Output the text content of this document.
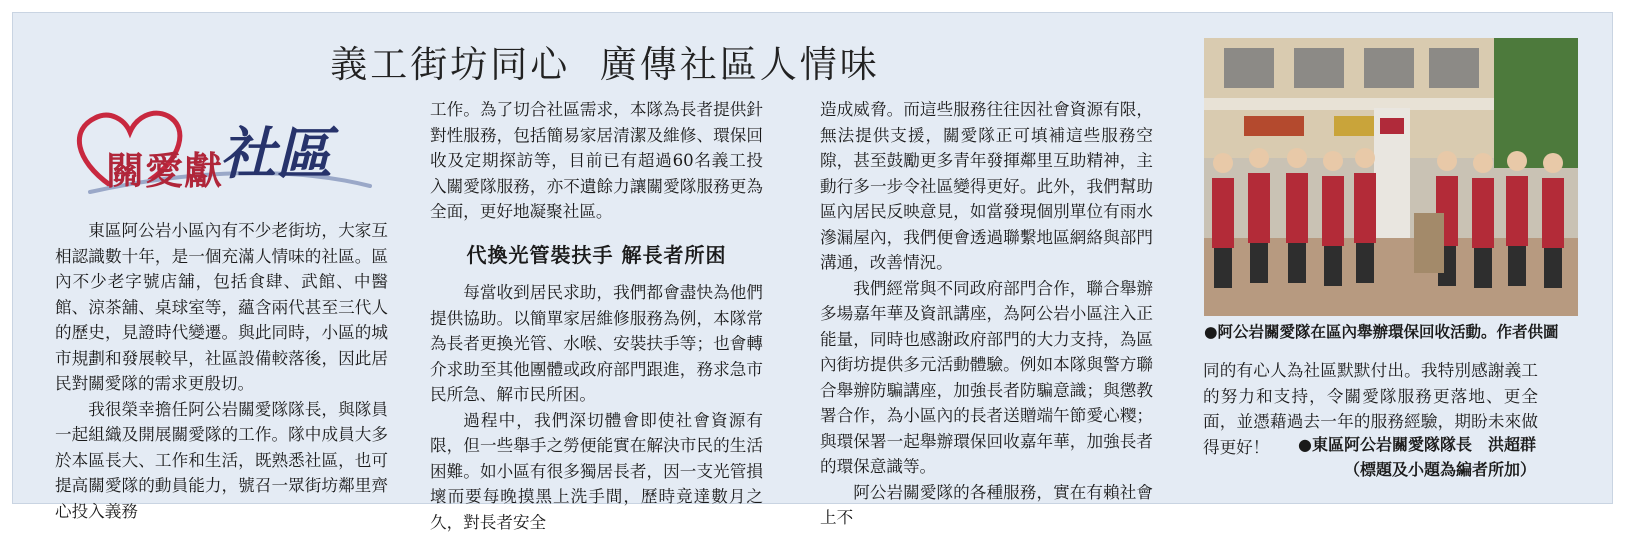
義工街坊同心  廣傳社區人情味
關愛獻
社區

東區阿公岩小區內有不少老街坊，大家互相認識數十年，是一個充滿人情味的社區。區內不少老字號店舖，包括食肆、武館、中醫館、涼茶舖、桌球室等，蘊含兩代甚至三代人的歷史，見證時代變遷。與此同時，小區的城市規劃和發展較早，社區設備較落後，因此居民對關愛隊的需求更殷切。

我很榮幸擔任阿公岩關愛隊隊長，與隊員一起組織及開展關愛隊的工作。隊中成員大多於本區長大、工作和生活，既熟悉社區，也可提高關愛隊的動員能力，號召一眾街坊鄰里齊心投入義務

工作。為了切合社區需求，本隊為長者提供針對性服務，包括簡易家居清潔及維修、環保回收及定期探訪等，目前已有超過60名義工投入關愛隊服務，亦不遺餘力讓關愛隊服務更為全面，更好地凝聚社區。

代換光管裝扶手 解長者所困

每當收到居民求助，我們都會盡快為他們提供協助。以簡單家居維修服務為例，本隊常為長者更換光管、水喉、安裝扶手等；也會轉介求助至其他團體或政府部門跟進，務求急市民所急、解市民所困。

過程中，我們深切體會即使社會資源有限，但一些舉手之勞便能實在解決市民的生活困難。如小區有很多獨居長者，因一支光管損壞而要每晚摸黑上洗手間，歷時竟達數月之久，對長者安全

造成威脅。而這些服務往往因社會資源有限，無法提供支援，關愛隊正可填補這些服務空隙，甚至鼓勵更多青年發揮鄰里互助精神，主動行多一步令社區變得更好。此外，我們幫助區內居民反映意見，如當發現個別單位有雨水滲漏屋內，我們便會透過聯繫地區網絡與部門溝通，改善情況。

我們經常與不同政府部門合作，聯合舉辦多場嘉年華及資訊講座，為阿公岩小區注入正能量，同時也感謝政府部門的大力支持，為區內街坊提供多元活動體驗。例如本隊與警方聯合舉辦防騙講座，加強長者防騙意識；與懲教署合作，為小區內的長者送贈端午節愛心糭；與環保署一起舉辦環保回收嘉年華，加強長者的環保意識等。

阿公岩關愛隊的各種服務，實在有賴社會上不

●阿公岩關愛隊在區內舉辦環保回收活動。作者供圖

同的有心人為社區默默付出。我特別感謝義工的努力和支持，令關愛隊服務更落地、更全面，並憑藉過去一年的服務經驗，期盼未來做得更好！	●東區阿公岩關愛隊隊長　洪超群
（標題及小題為編者所加）
